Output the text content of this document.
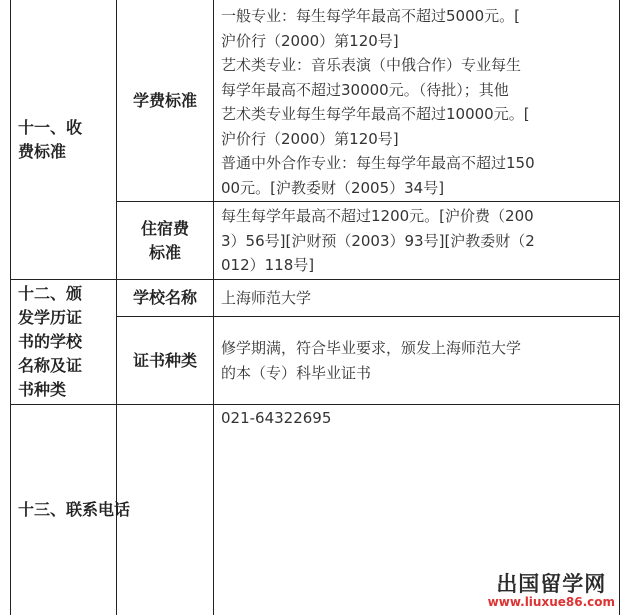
十一、收
费标准
学费标准
一般专业：每生每学年最高不超过5000元。[
沪价行（2000）第120号]
艺术类专业：音乐表演（中俄合作）专业每生
每学年最高不超过30000元。（待批）；其他
艺术类专业每生每学年最高不超过10000元。[
沪价行（2000）第120号]
普通中外合作专业：每生每学年最高不超过150
00元。[沪教委财（2005）34号]
住宿费
标准
每生每学年最高不超过1200元。[沪价费（200
3）56号][沪财预（2003）93号][沪教委财（2
012）118号]
十二、颁
发学历证
书的学校
名称及证
书种类
学校名称	上海师范大学
证书种类
修学期满，符合毕业要求，颁发上海师范大学
的本（专）科毕业证书
十三、联系电话
021-64322695
出国留学网
www.liuxue86.com
